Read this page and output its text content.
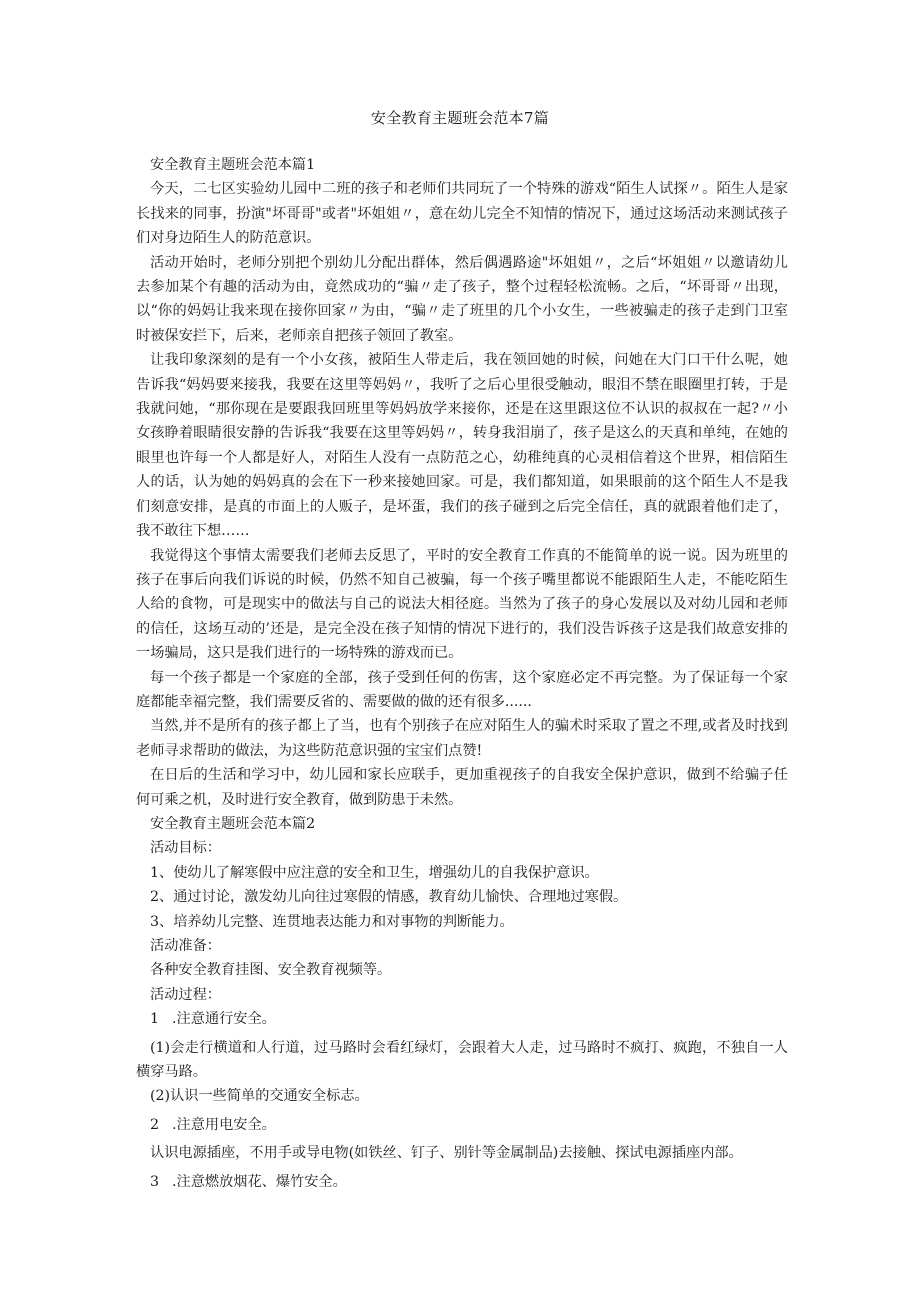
安全教育主题班会范本7篇

安全教育主题班会范本篇1

今天，二七区实验幼儿园中二班的孩子和老师们共同玩了一个特殊的游戏“陌生人试探〃。陌生人是家长找来的同事，扮演"坏哥哥"或者"坏姐姐〃，意在幼儿完全不知情的情况下，通过这场活动来测试孩子们对身边陌生人的防范意识。

活动开始时，老师分别把个别幼儿分配出群体，然后偶遇路途"坏姐姐〃，之后“坏姐姐〃以邀请幼儿去参加某个有趣的活动为由，竟然成功的“骗〃走了孩子，整个过程轻松流畅。之后，“坏哥哥〃出现，以“你的妈妈让我来现在接你回家〃为由，“骗〃走了班里的几个小女生，一些被骗走的孩子走到门卫室时被保安拦下，后来，老师亲自把孩子领回了教室。

让我印象深刻的是有一个小女孩，被陌生人带走后，我在领回她的时候，问她在大门口干什么呢，她告诉我“妈妈要来接我，我要在这里等妈妈〃，我听了之后心里很受触动，眼泪不禁在眼圈里打转，于是我就问她，“那你现在是要跟我回班里等妈妈放学来接你，还是在这里跟这位不认识的叔叔在一起?〃小女孩睁着眼睛很安静的告诉我“我要在这里等妈妈〃，转身我泪崩了，孩子是这么的天真和单纯，在她的眼里也许每一个人都是好人，对陌生人没有一点防范之心，幼稚纯真的心灵相信着这个世界，相信陌生人的话，认为她的妈妈真的会在下一秒来接她回家。可是，我们都知道，如果眼前的这个陌生人不是我们刻意安排，是真的市面上的人贩子，是坏蛋，我们的孩子碰到之后完全信任，真的就跟着他们走了，我不敢往下想……

我觉得这个事情太需要我们老师去反思了，平时的安全教育工作真的不能简单的说一说。因为班里的孩子在事后向我们诉说的时候，仍然不知自己被骗，每一个孩子嘴里都说不能跟陌生人走，不能吃陌生人给的食物，可是现实中的做法与自己的说法大相径庭。当然为了孩子的身心发展以及对幼儿园和老师的信任，这场互动的’还是，是完全没在孩子知情的情况下进行的，我们没告诉孩子这是我们故意安排的一场骗局，这只是我们进行的一场特殊的游戏而已。

每一个孩子都是一个家庭的全部，孩子受到任何的伤害，这个家庭必定不再完整。为了保证每一个家庭都能幸福完整，我们需要反省的、需要做的做的还有很多......

当然,并不是所有的孩子都上了当，也有个别孩子在应对陌生人的骗术时采取了置之不理,或者及时找到老师寻求帮助的做法，为这些防范意识强的宝宝们点赞!

在日后的生活和学习中，幼儿园和家长应联手，更加重视孩子的自我安全保护意识，做到不给骗子任何可乘之机，及时进行安全教育，做到防患于未然。

安全教育主题班会范本篇2

活动目标：

1、使幼儿了解寒假中应注意的安全和卫生，增强幼儿的自我保护意识。

2、通过讨论，激发幼儿向往过寒假的情感，教育幼儿愉快、合理地过寒假。

3、培养幼儿完整、连贯地表达能力和对事物的判断能力。

活动准备：

各种安全教育挂图、安全教育视频等。

活动过程：

1 .注意通行安全。

(1)会走行横道和人行道，过马路时会看红绿灯，会跟着大人走，过马路时不疯打、疯跑，不独自一人横穿马路。

(2)认识一些简单的交通安全标志。

2 .注意用电安全。

认识电源插座，不用手或导电物(如铁丝、钉子、别针等金属制品)去接触、探试电源插座内部。

3 .注意燃放烟花、爆竹安全。
